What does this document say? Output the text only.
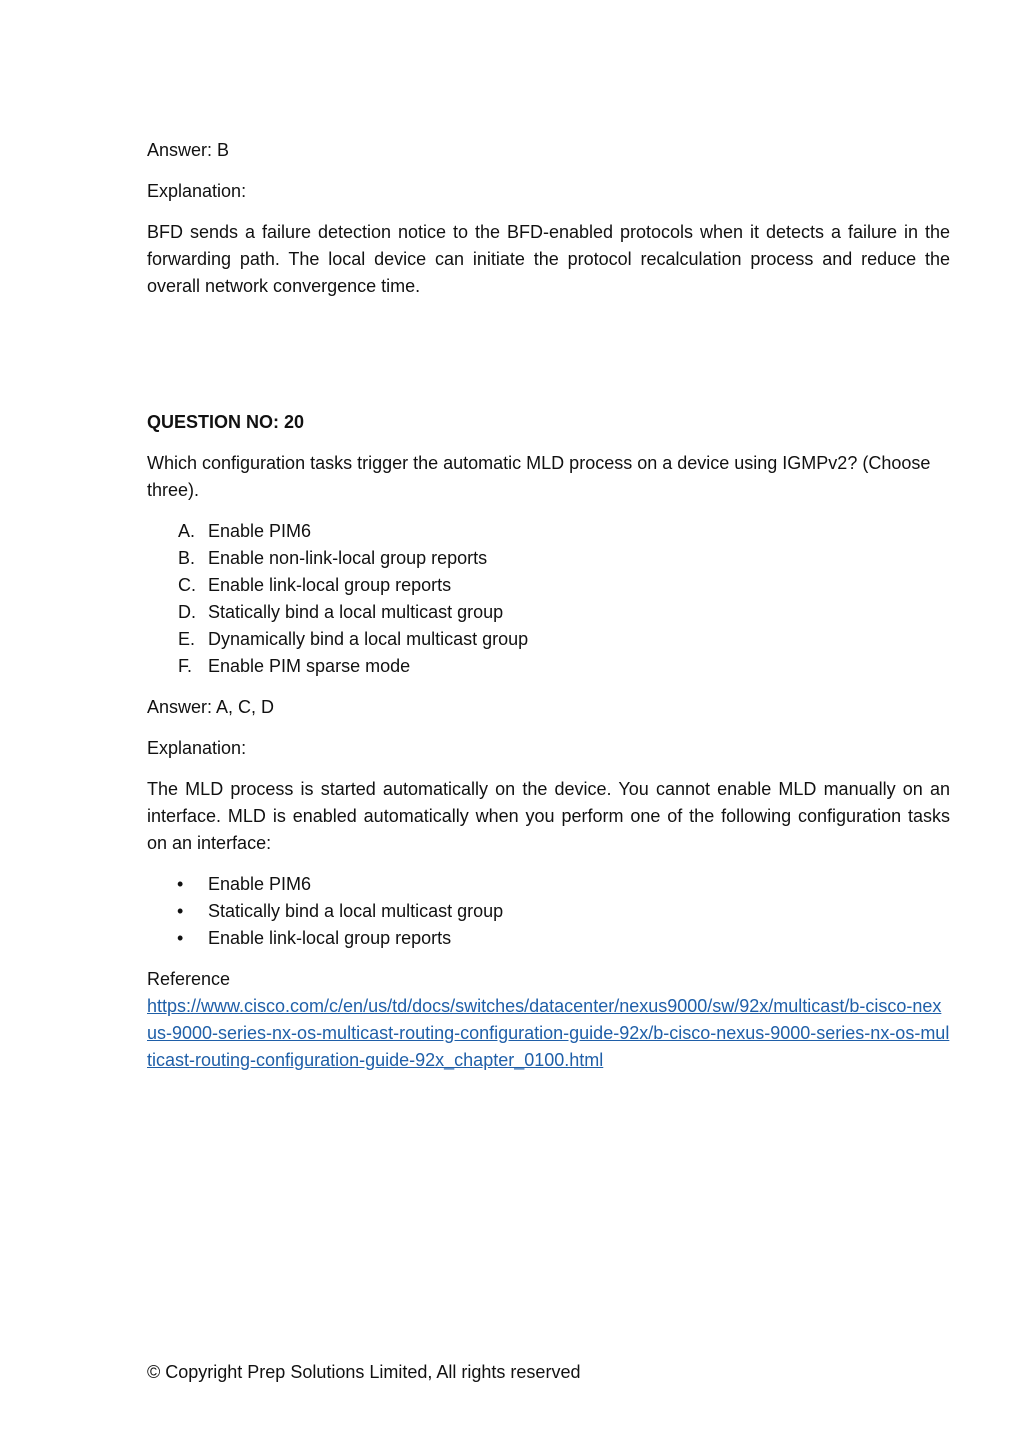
Answer: B

Explanation:

BFD sends a failure detection notice to the BFD-enabled protocols when it detects a failure in the forwarding path. The local device can initiate the protocol recalculation process and reduce the overall network convergence time.

QUESTION NO: 20

Which configuration tasks trigger the automatic MLD process on a device using IGMPv2? (Choose three).

A. Enable PIM6
B. Enable non-link-local group reports
C. Enable link-local group reports
D. Statically bind a local multicast group
E. Dynamically bind a local multicast group
F. Enable PIM sparse mode

Answer: A, C, D

Explanation:

The MLD process is started automatically on the device. You cannot enable MLD manually on an interface. MLD is enabled automatically when you perform one of the following configuration tasks on an interface:

•	Enable PIM6
•	Statically bind a local multicast group
•	Enable link-local group reports
Reference
https://www.cisco.com/c/en/us/td/docs/switches/datacenter/nexus9000/sw/92x/multicast/b-cisco-nexus-9000-series-nx-os-multicast-routing-configuration-guide-92x/b-cisco-nexus-9000-series-nx-os-multicast-routing-configuration-guide-92x_chapter_0100.html
© Copyright Prep Solutions Limited, All rights reserved
